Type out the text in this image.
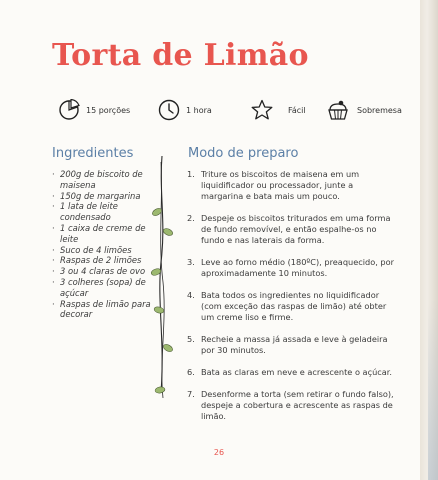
Torta de Limão
15 porções	1 hora	Fácil	Sobremesa
Ingredientes
· 200g de biscoito de maisena
· 150g de margarina
· 1 lata de leite condensado
· 1 caixa de creme de leite
· Suco de 4 limões
· Raspas de 2 limões
· 3 ou 4 claras de ovo
· 3 colheres (sopa) de açúcar
· Raspas de limão para decorar
Modo de preparo
1. Triture os biscoitos de maisena em um liquidificador ou processador, junte a margarina e bata mais um pouco.
2. Despeje os biscoitos triturados em uma forma de fundo removível, e então espalhe-os no fundo e nas laterais da forma.
3. Leve ao forno médio (180ºC), preaquecido, por aproximadamente 10 minutos.
4. Bata todos os ingredientes no liquidificador (com exceção das raspas de limão) até obter um creme liso e firme.
5. Recheie a massa já assada e leve à geladeira por 30 minutos.
6. Bata as claras em neve e acrescente o açúcar.
7. Desenforme a torta (sem retirar o fundo falso), despeje a cobertura e acrescente as raspas de limão.
26
